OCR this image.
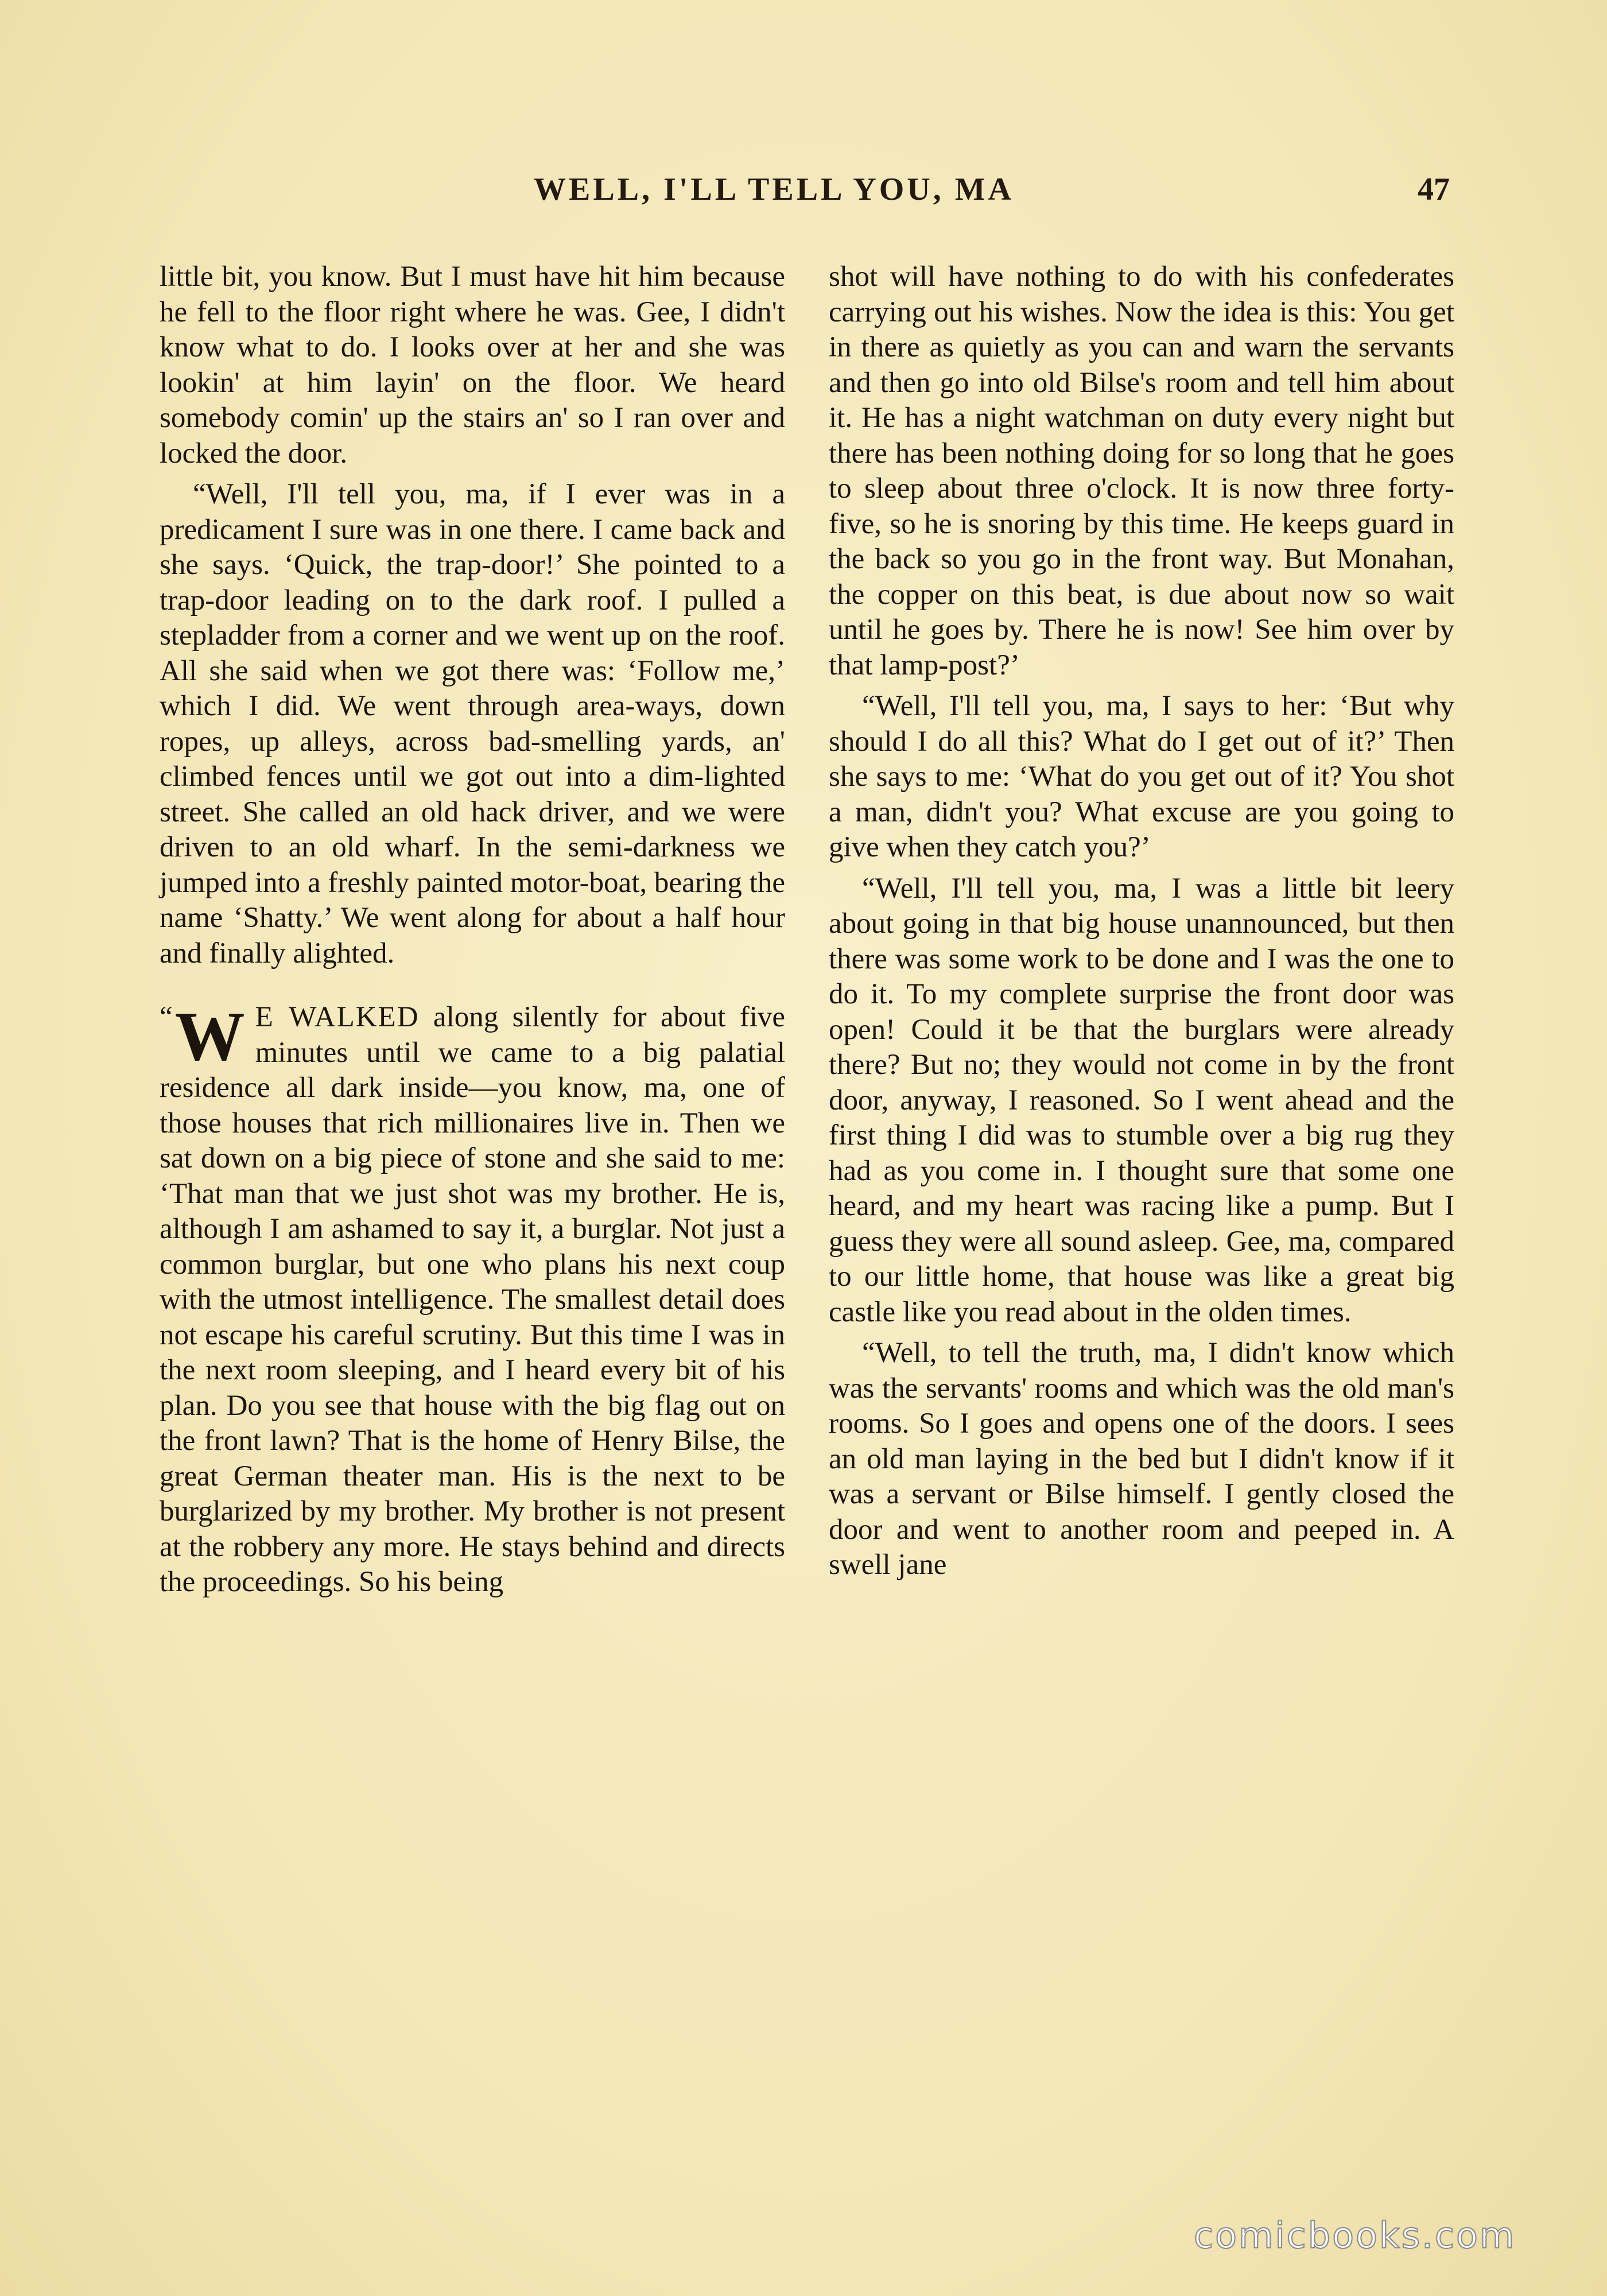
WELL, I'LL TELL YOU, MA	47

little bit, you know. But I must have hit him because he fell to the floor right where he was. Gee, I didn't know what to do. I looks over at her and she was lookin' at him layin' on the floor. We heard somebody comin' up the stairs an' so I ran over and locked the door.

“Well, I'll tell you, ma, if I ever was in a predicament I sure was in one there. I came back and she says. ‘Quick, the trap-door!’ She pointed to a trap-door leading on to the dark roof. I pulled a stepladder from a corner and we went up on the roof. All she said when we got there was: ‘Follow me,’ which I did. We went through area-ways, down ropes, up alleys, across bad-smelling yards, an' climbed fences until we got out into a dim-lighted street. She called an old hack driver, and we were driven to an old wharf. In the semi-darkness we jumped into a freshly painted motor-boat, bearing the name ‘Shatty.’ We went along for about a half hour and finally alighted.

“ W E WALKED along silently for about five minutes until we came to a big palatial residence all dark inside—you know, ma, one of those houses that rich millionaires live in. Then we sat down on a big piece of stone and she said to me: ‘That man that we just shot was my brother. He is, although I am ashamed to say it, a burglar. Not just a common burglar, but one who plans his next coup with the utmost intelligence. The smallest detail does not escape his careful scrutiny. But this time I was in the next room sleeping, and I heard every bit of his plan. Do you see that house with the big flag out on the front lawn? That is the home of Henry Bilse, the great German theater man. His is the next to be burglarized by my brother. My brother is not present at the robbery any more. He stays behind and directs the proceedings. So his being

shot will have nothing to do with his confederates carrying out his wishes. Now the idea is this: You get in there as quietly as you can and warn the servants and then go into old Bilse's room and tell him about it. He has a night watchman on duty every night but there has been nothing doing for so long that he goes to sleep about three o'clock. It is now three forty-five, so he is snoring by this time. He keeps guard in the back so you go in the front way. But Monahan, the copper on this beat, is due about now so wait until he goes by. There he is now! See him over by that lamp-post?’

“Well, I'll tell you, ma, I says to her: ‘But why should I do all this? What do I get out of it?’ Then she says to me: ‘What do you get out of it? You shot a man, didn't you? What excuse are you going to give when they catch you?’

“Well, I'll tell you, ma, I was a little bit leery about going in that big house unannounced, but then there was some work to be done and I was the one to do it. To my complete surprise the front door was open! Could it be that the burglars were already there? But no; they would not come in by the front door, anyway, I reasoned. So I went ahead and the first thing I did was to stumble over a big rug they had as you come in. I thought sure that some one heard, and my heart was racing like a pump. But I guess they were all sound asleep. Gee, ma, compared to our little home, that house was like a great big castle like you read about in the olden times.

“Well, to tell the truth, ma, I didn't know which was the servants' rooms and which was the old man's rooms. So I goes and opens one of the doors. I sees an old man laying in the bed but I didn't know if it was a servant or Bilse himself. I gently closed the door and went to another room and peeped in. A swell jane

comicbooks.com
